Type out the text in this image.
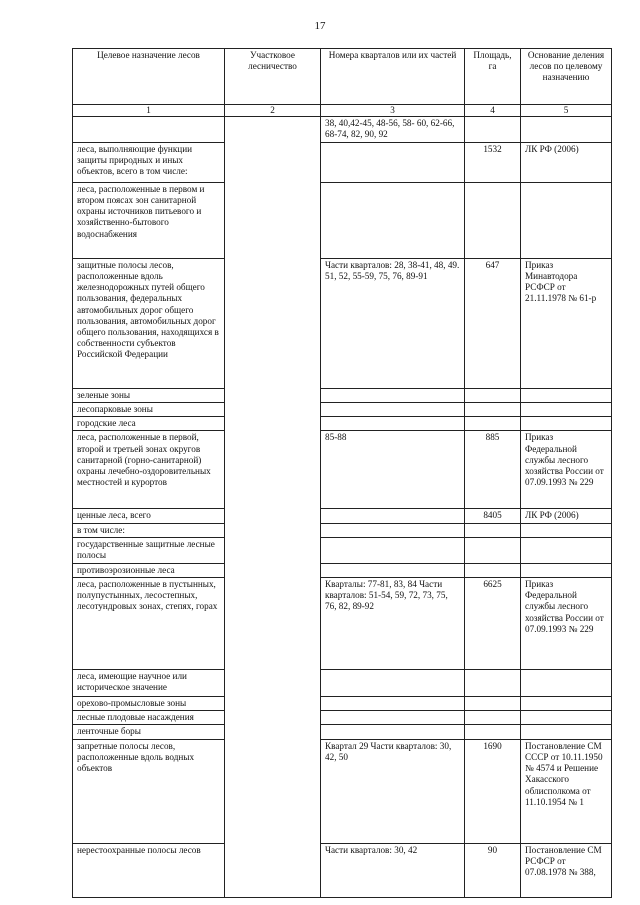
17
Целевое назначение лесов	Участковое лесничество	Номера кварталов или их частей	Площадь, га	Основание деления лесов по целевому назначению
1	2	3	4	5
		38, 40,42-45, 48-56, 58- 60, 62-66, 68-74, 82, 90, 92		
леса, выполняющие функции защиты природных и иных объектов, всего в том числе:			1532	ЛК РФ (2006)
леса, расположенные в первом и втором поясах зон санитарной охраны источников питьевого и хозяйственно-бытового водоснабжения				
защитные полосы лесов, расположенные вдоль железнодорожных путей общего пользования, федеральных автомобильных дорог общего пользования, автомобильных дорог общего пользования, находящихся в собственности субъектов Российской Федерации		Части кварталов: 28, 38-41, 48, 49. 51, 52, 55-59, 75, 76, 89-91	647	Приказ Минавтодора РСФСР от 21.11.1978 № 61-р
зеленые зоны				
лесопарковые зоны				
городские леса				
леса, расположенные в первой, второй и третьей зонах округов санитарной (горно-санитарной) охраны лечебно-оздоровительных местностей и курортов		85-88	885	Приказ Федеральной службы лесного хозяйства России от 07.09.1993 № 229
ценные леса, всего			8405	ЛК РФ (2006)
в том числе:				
государственные защитные лесные полосы				
противоэрозионные леса				
леса, расположенные в пустынных, полупустынных, лесостепных, лесотундровых зонах, степях, горах		Кварталы: 77-81, 83, 84 Части кварталов: 51-54, 59, 72, 73, 75, 76, 82, 89-92	6625	Приказ Федеральной службы лесного хозяйства России от 07.09.1993 № 229
леса, имеющие научное или историческое значение				
орехово-промысловые зоны				
лесные плодовые насаждения				
ленточные боры				
запретные полосы лесов, расположенные вдоль водных объектов		Квартал 29 Части кварталов: 30, 42, 50	1690	Постановление СМ СССР от 10.11.1950 № 4574 и Решение Хакасского облисполкома от 11.10.1954 № 1
нерестоохранные полосы лесов		Части кварталов: 30, 42	90	Постановление СМ РСФСР от 07.08.1978 № 388,
